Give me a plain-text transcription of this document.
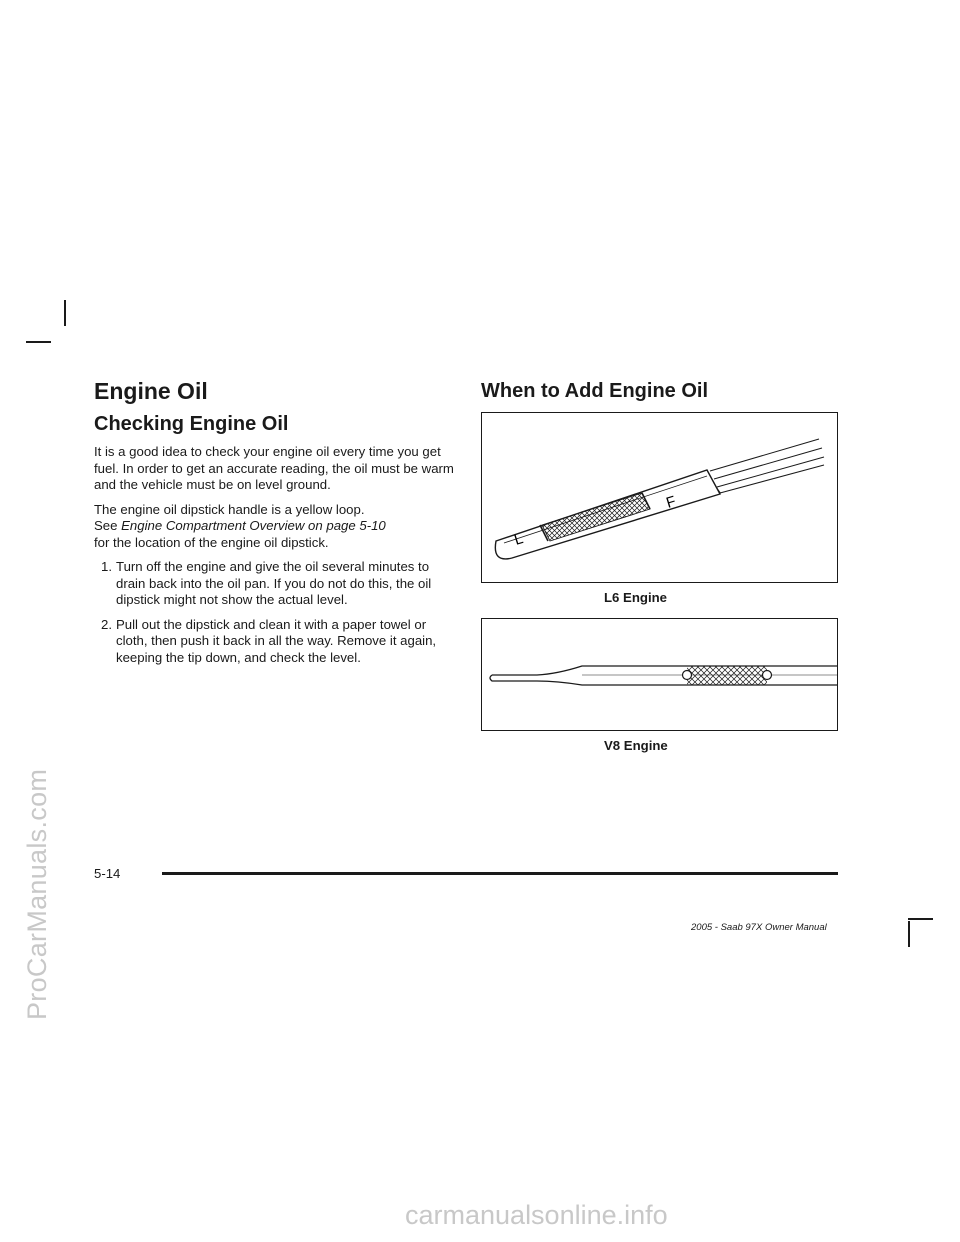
ProCarManuals.com
carmanualsonline.info
Engine Oil
Checking Engine Oil

It is a good idea to check your engine oil every time you get fuel. In order to get an accurate reading, the oil must be warm and the vehicle must be on level ground.

The engine oil dipstick handle is a yellow loop.
See Engine Compartment Overview on page 5-10
for the location of the engine oil dipstick.

1. Turn off the engine and give the oil several minutes to drain back into the oil pan. If you do not do this, the oil dipstick might not show the actual level.
2. Pull out the dipstick and clean it with a paper towel or cloth, then push it back in all the way. Remove it again, keeping the tip down, and check the level.
When to Add Engine Oil
L
F
L6 Engine
V8 Engine
5-14
2005 - Saab 97X Owner Manual
